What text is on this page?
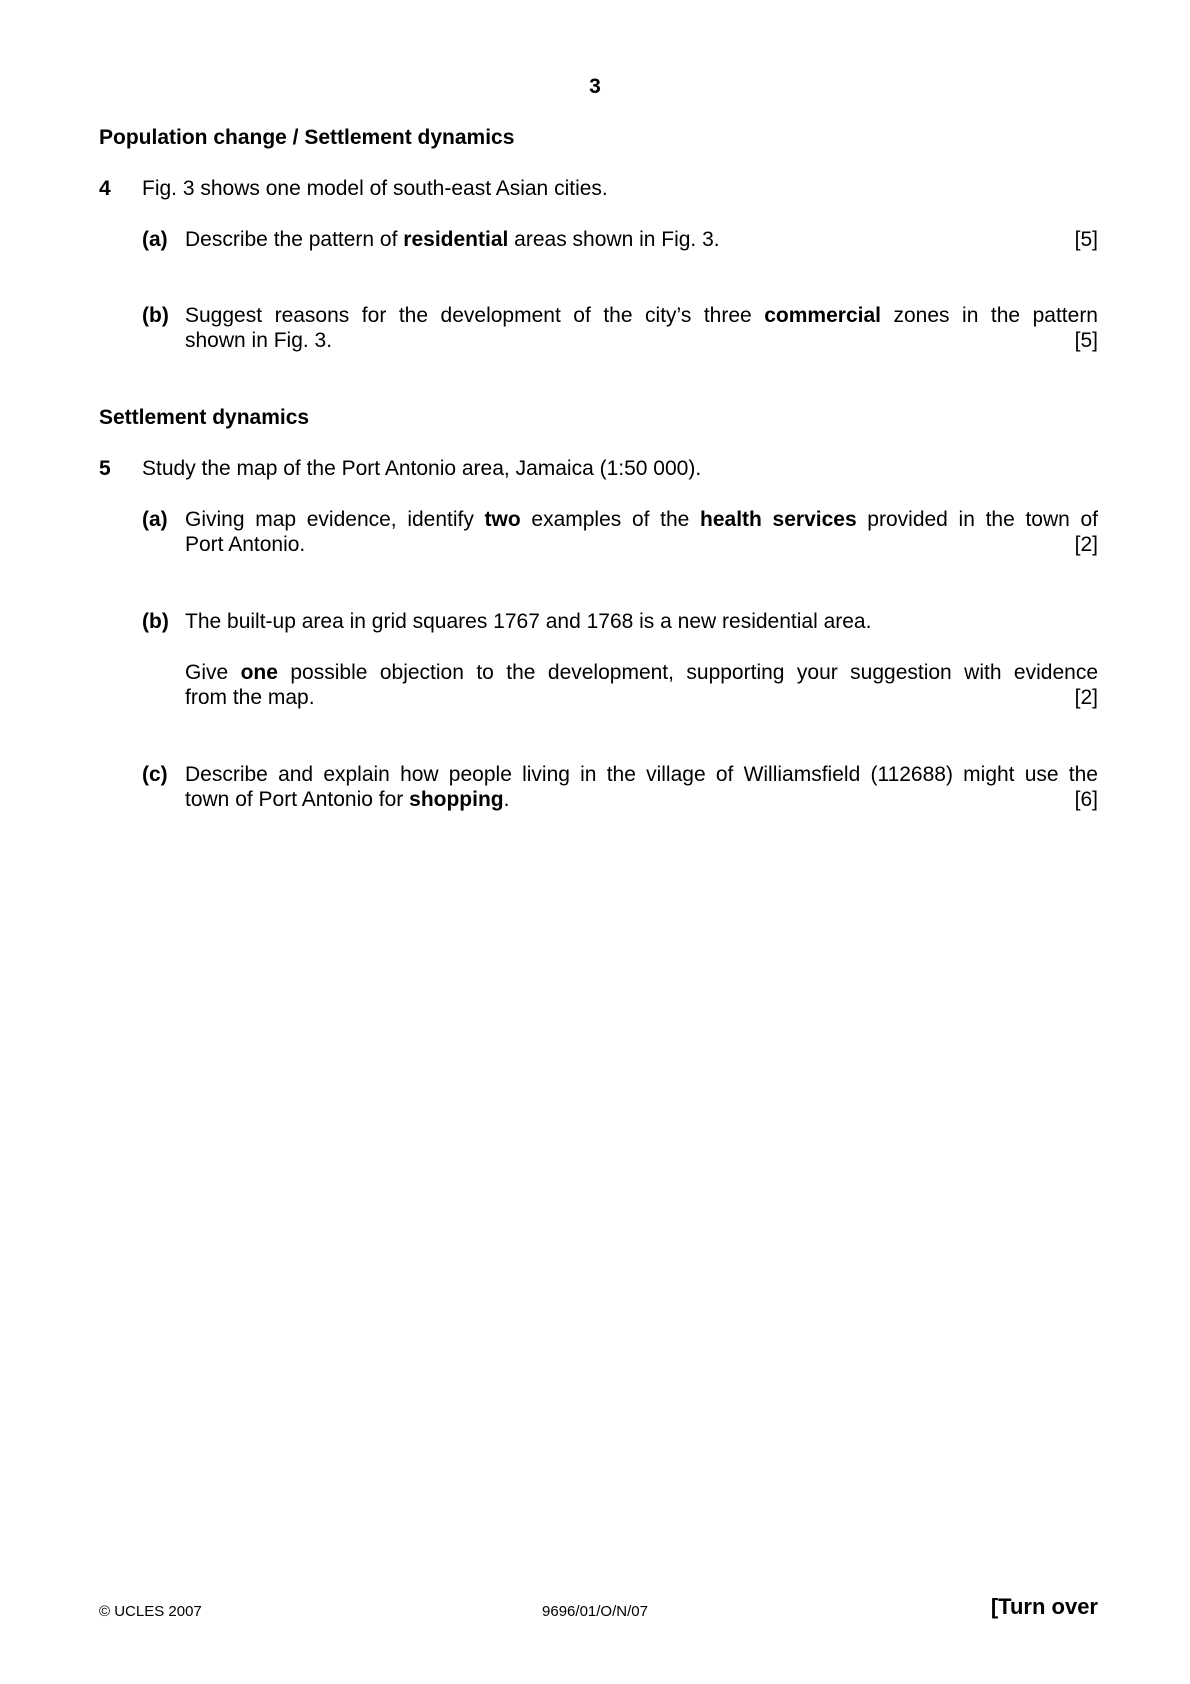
3
Population change / Settlement dynamics
4 Fig. 3 shows one model of south-east Asian cities.
(a) Describe the pattern of residential areas shown in Fig. 3.	[5]
(b) Suggest reasons for the development of the city’s three commercial zones in the pattern
shown in Fig. 3.	[5]
Settlement dynamics
5 Study the map of the Port Antonio area, Jamaica (1:50 000).
(a) Giving map evidence, identify two examples of the health services provided in the town of
Port Antonio.	[2]
(b) The built-up area in grid squares 1767 and 1768 is a new residential area.
Give one possible objection to the development, supporting your suggestion with evidence
from the map.	[2]
(c) Describe and explain how people living in the village of Williamsfield (112688) might use the
town of Port Antonio for shopping.	[6]
© UCLES 2007	9696/01/O/N/07	[Turn over
